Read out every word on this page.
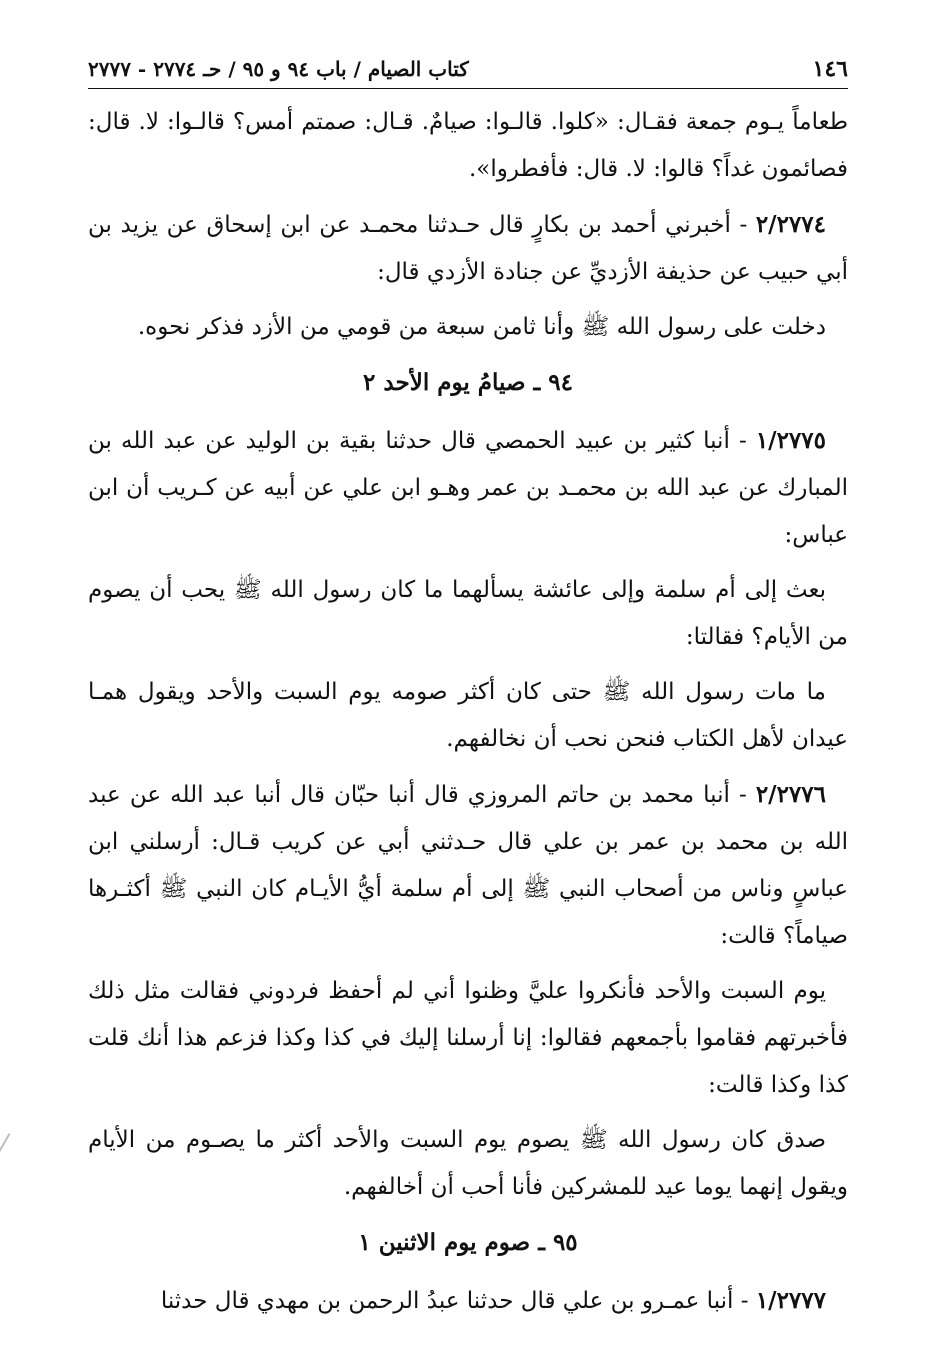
١٤٦
كتاب الصيام / باب ٩٤ و ٩٥ / حـ ٢٧٧٤ - ٢٧٧٧

طعاماً يـوم جمعة فقـال: «كلوا. قالـوا: صيامٌ. قـال: صمتم أمس؟ قالـوا: لا. قال: فصائمون غداً؟ قالوا: لا. قال: فأفطروا».

٢/٢٧٧٤ - أخبرني أحمد بن بكارٍ قال حـدثنا محمـد عن ابن إسحاق عن يزيد بن أبي حبيب عن حذيفة الأزديِّ عن جنادة الأزدي قال:

دخلت على رسول الله ﷺ وأنا ثامن سبعة من قومي من الأزد فذكر نحوه.

٩٤ ـ صيامُ يوم الأحد ٢

١/٢٧٧٥ - أنبا كثير بن عبيد الحمصي قال حدثنا بقية بن الوليد عن عبد الله بن المبارك عن عبد الله بن محمـد بن عمر وهـو ابن علي عن أبيه عن كـريب أن ابن عباس:

بعث إلى أم سلمة وإلى عائشة يسألهما ما كان رسول الله ﷺ يحب أن يصوم من الأيام؟ فقالتا:

ما مات رسول الله ﷺ حتى كان أكثر صومه يوم السبت والأحد ويقول همـا عيدان لأهل الكتاب فنحن نحب أن نخالفهم.

٢/٢٧٧٦ - أنبا محمد بن حاتم المروزي قال أنبا حبّان قال أنبا عبد الله عن عبد الله بن محمد بن عمر بن علي قال حـدثني أبي عن كريب قـال: أرسلني ابن عباسٍ وناس من أصحاب النبي ﷺ إلى أم سلمة أيُّ الأيـام كان النبي ﷺ أكثـرها صياماً؟ قالت:

يوم السبت والأحد فأنكروا عليَّ وظنوا أني لم أحفظ فردوني فقالت مثل ذلك فأخبرتهم فقاموا بأجمعهم فقالوا: إنا أرسلنا إليك في كذا وكذا فزعم هذا أنك قلت كذا وكذا قالت:

صدق كان رسول الله ﷺ يصوم يوم السبت والأحد أكثر ما يصـوم من الأيام ويقول إنهما يوما عيد للمشركين فأنا أحب أن أخالفهم.

٩٥ ـ صوم يوم الاثنين ١

١/٢٧٧٧ - أنبا عمـرو بن علي قال حدثنا عبدُ الرحمن بن مهدي قال حدثنا
